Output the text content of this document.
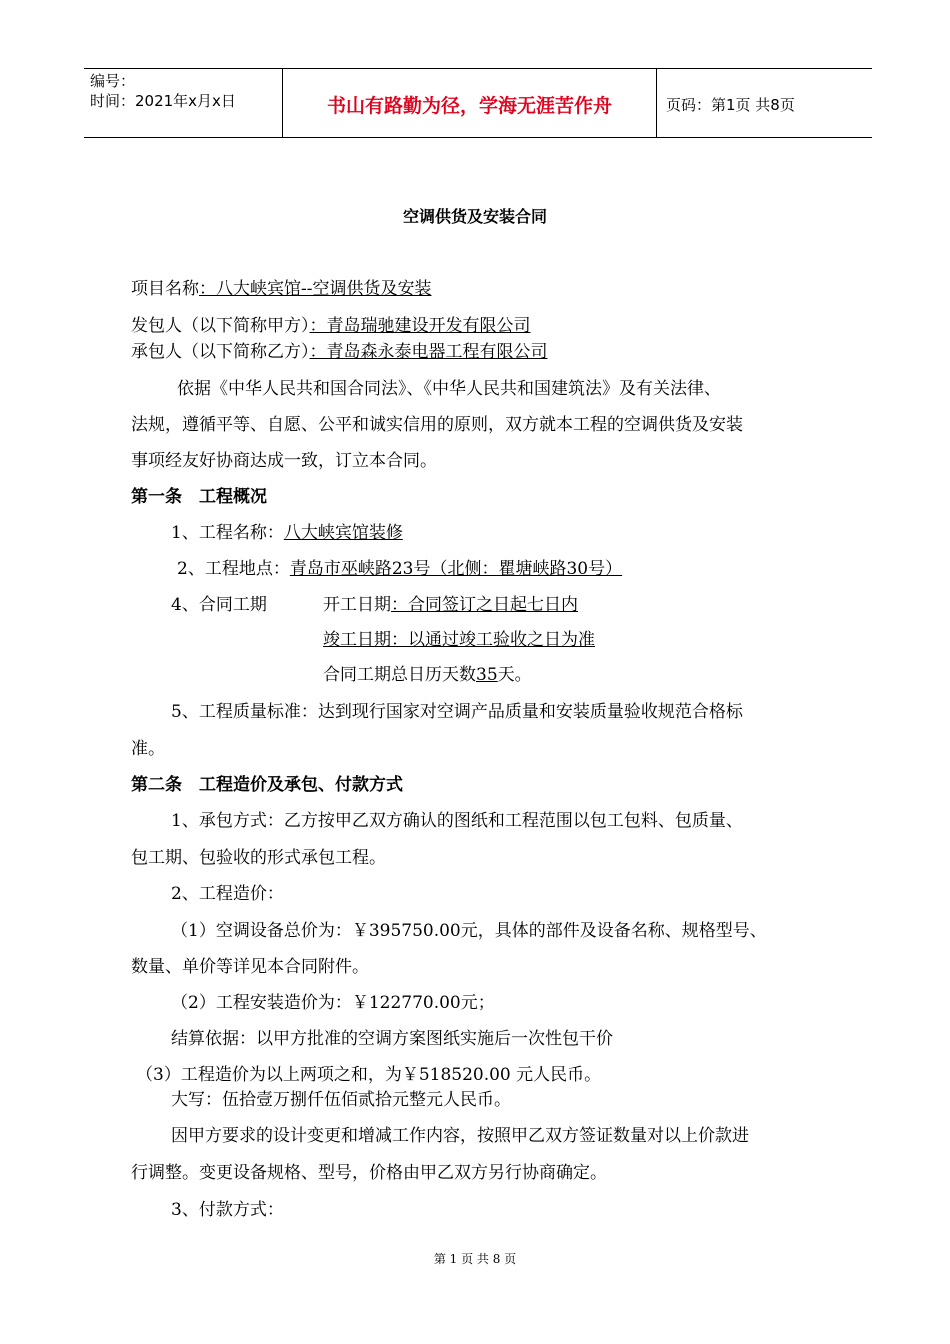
编号：
时间：2021年x月x日	书山有路勤为径，学海无涯苦作舟	页码：第1页 共8页
空调供货及安装合同
项目名称：八大峡宾馆--空调供货及安装
发包人（以下简称甲方）：青岛瑞驰建设开发有限公司
承包人（以下简称乙方）：青岛森永泰电器工程有限公司
依据《中华人民共和国合同法》、《中华人民共和国建筑法》及有关法律、
法规，遵循平等、自愿、公平和诚实信用的原则，双方就本工程的空调供货及安装
事项经友好协商达成一致，订立本合同。
第一条　工程概况
1、工程名称：八大峡宾馆装修
2、工程地点：青岛市巫峡路23号（北侧：瞿塘峡路30号）
4、合同工期	开工日期：合同签订之日起七日内
竣工日期：以通过竣工验收之日为准
合同工期总日历天数35天。
5、工程质量标准：达到现行国家对空调产品质量和安装质量验收规范合格标
准。
第二条　工程造价及承包、付款方式
1、承包方式：乙方按甲乙双方确认的图纸和工程范围以包工包料、包质量、
包工期、包验收的形式承包工程。
2、工程造价：
（1）空调设备总价为：￥395750.00元，具体的部件及设备名称、规格型号、
数量、单价等详见本合同附件。
（2）工程安装造价为：￥122770.00元；
结算依据：以甲方批准的空调方案图纸实施后一次性包干价
（3）工程造价为以上两项之和，为￥518520.00 元人民币。
大写：伍拾壹万捌仟伍佰贰拾元整元人民币。
因甲方要求的设计变更和增减工作内容，按照甲乙双方签证数量对以上价款进
行调整。变更设备规格、型号，价格由甲乙双方另行协商确定。
3、付款方式：
第 1 页 共 8 页
